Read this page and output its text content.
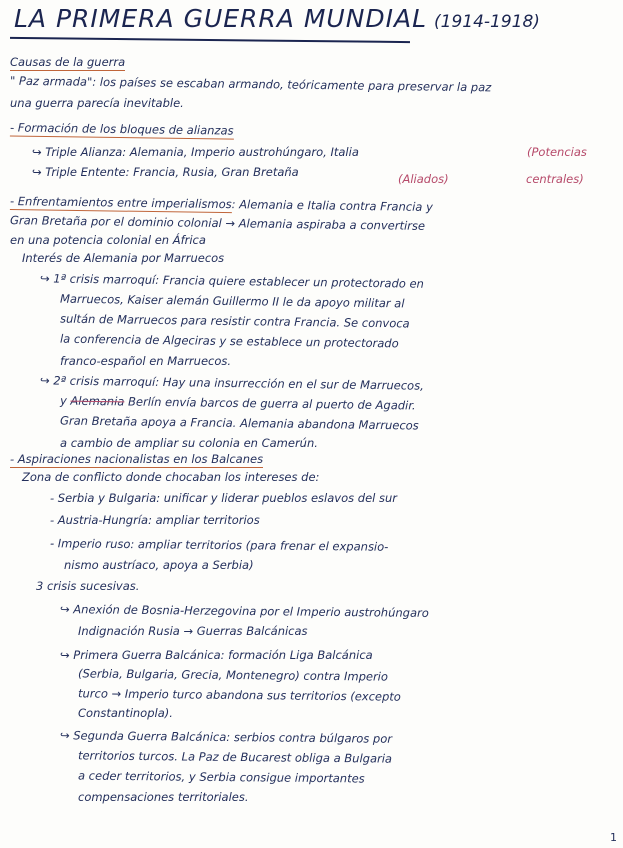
LA PRIMERA GUERRA MUNDIAL (1914-1918)
Causas de la guerra
" Paz armada": los países se escaban armando, teóricamente para preservar la paz
una guerra parecía inevitable.
- Formación de los bloques de alianzas
↪ Triple Alianza: Alemania, Imperio austrohúngaro, Italia	(Potencias
↪ Triple Entente: Francia, Rusia, Gran Bretaña	(Aliados)	centrales)
- Enfrentamientos entre imperialismos: Alemania e Italia contra Francia y
Gran Bretaña por el dominio colonial → Alemania aspiraba a convertirse
en una potencia colonial en África
Interés de Alemania por Marruecos
↪ 1ª crisis marroquí: Francia quiere establecer un protectorado en
Marruecos, Kaiser alemán Guillermo II le da apoyo militar al
sultán de Marruecos para resistir contra Francia. Se convoca
la conferencia de Algeciras y se establece un protectorado
franco-español en Marruecos.
↪ 2ª crisis marroquí: Hay una insurrección en el sur de Marruecos,
y Alemania Berlín envía barcos de guerra al puerto de Agadir.
Gran Bretaña apoya a Francia. Alemania abandona Marruecos
a cambio de ampliar su colonia en Camerún.
- Aspiraciones nacionalistas en los Balcanes
Zona de conflicto donde chocaban los intereses de:
- Serbia y Bulgaria: unificar y liderar pueblos eslavos del sur
- Austria-Hungría: ampliar territorios
- Imperio ruso: ampliar territorios (para frenar el expansio-
nismo austríaco, apoya a Serbia)
3 crisis sucesivas.
↪ Anexión de Bosnia-Herzegovina por el Imperio austrohúngaro
Indignación Rusia → Guerras Balcánicas
↪ Primera Guerra Balcánica: formación Liga Balcánica
(Serbia, Bulgaria, Grecia, Montenegro) contra Imperio
turco → Imperio turco abandona sus territorios (excepto
Constantinopla).
↪ Segunda Guerra Balcánica: serbios contra búlgaros por
territorios turcos. La Paz de Bucarest obliga a Bulgaria
a ceder territorios, y Serbia consigue importantes
compensaciones territoriales.
1
